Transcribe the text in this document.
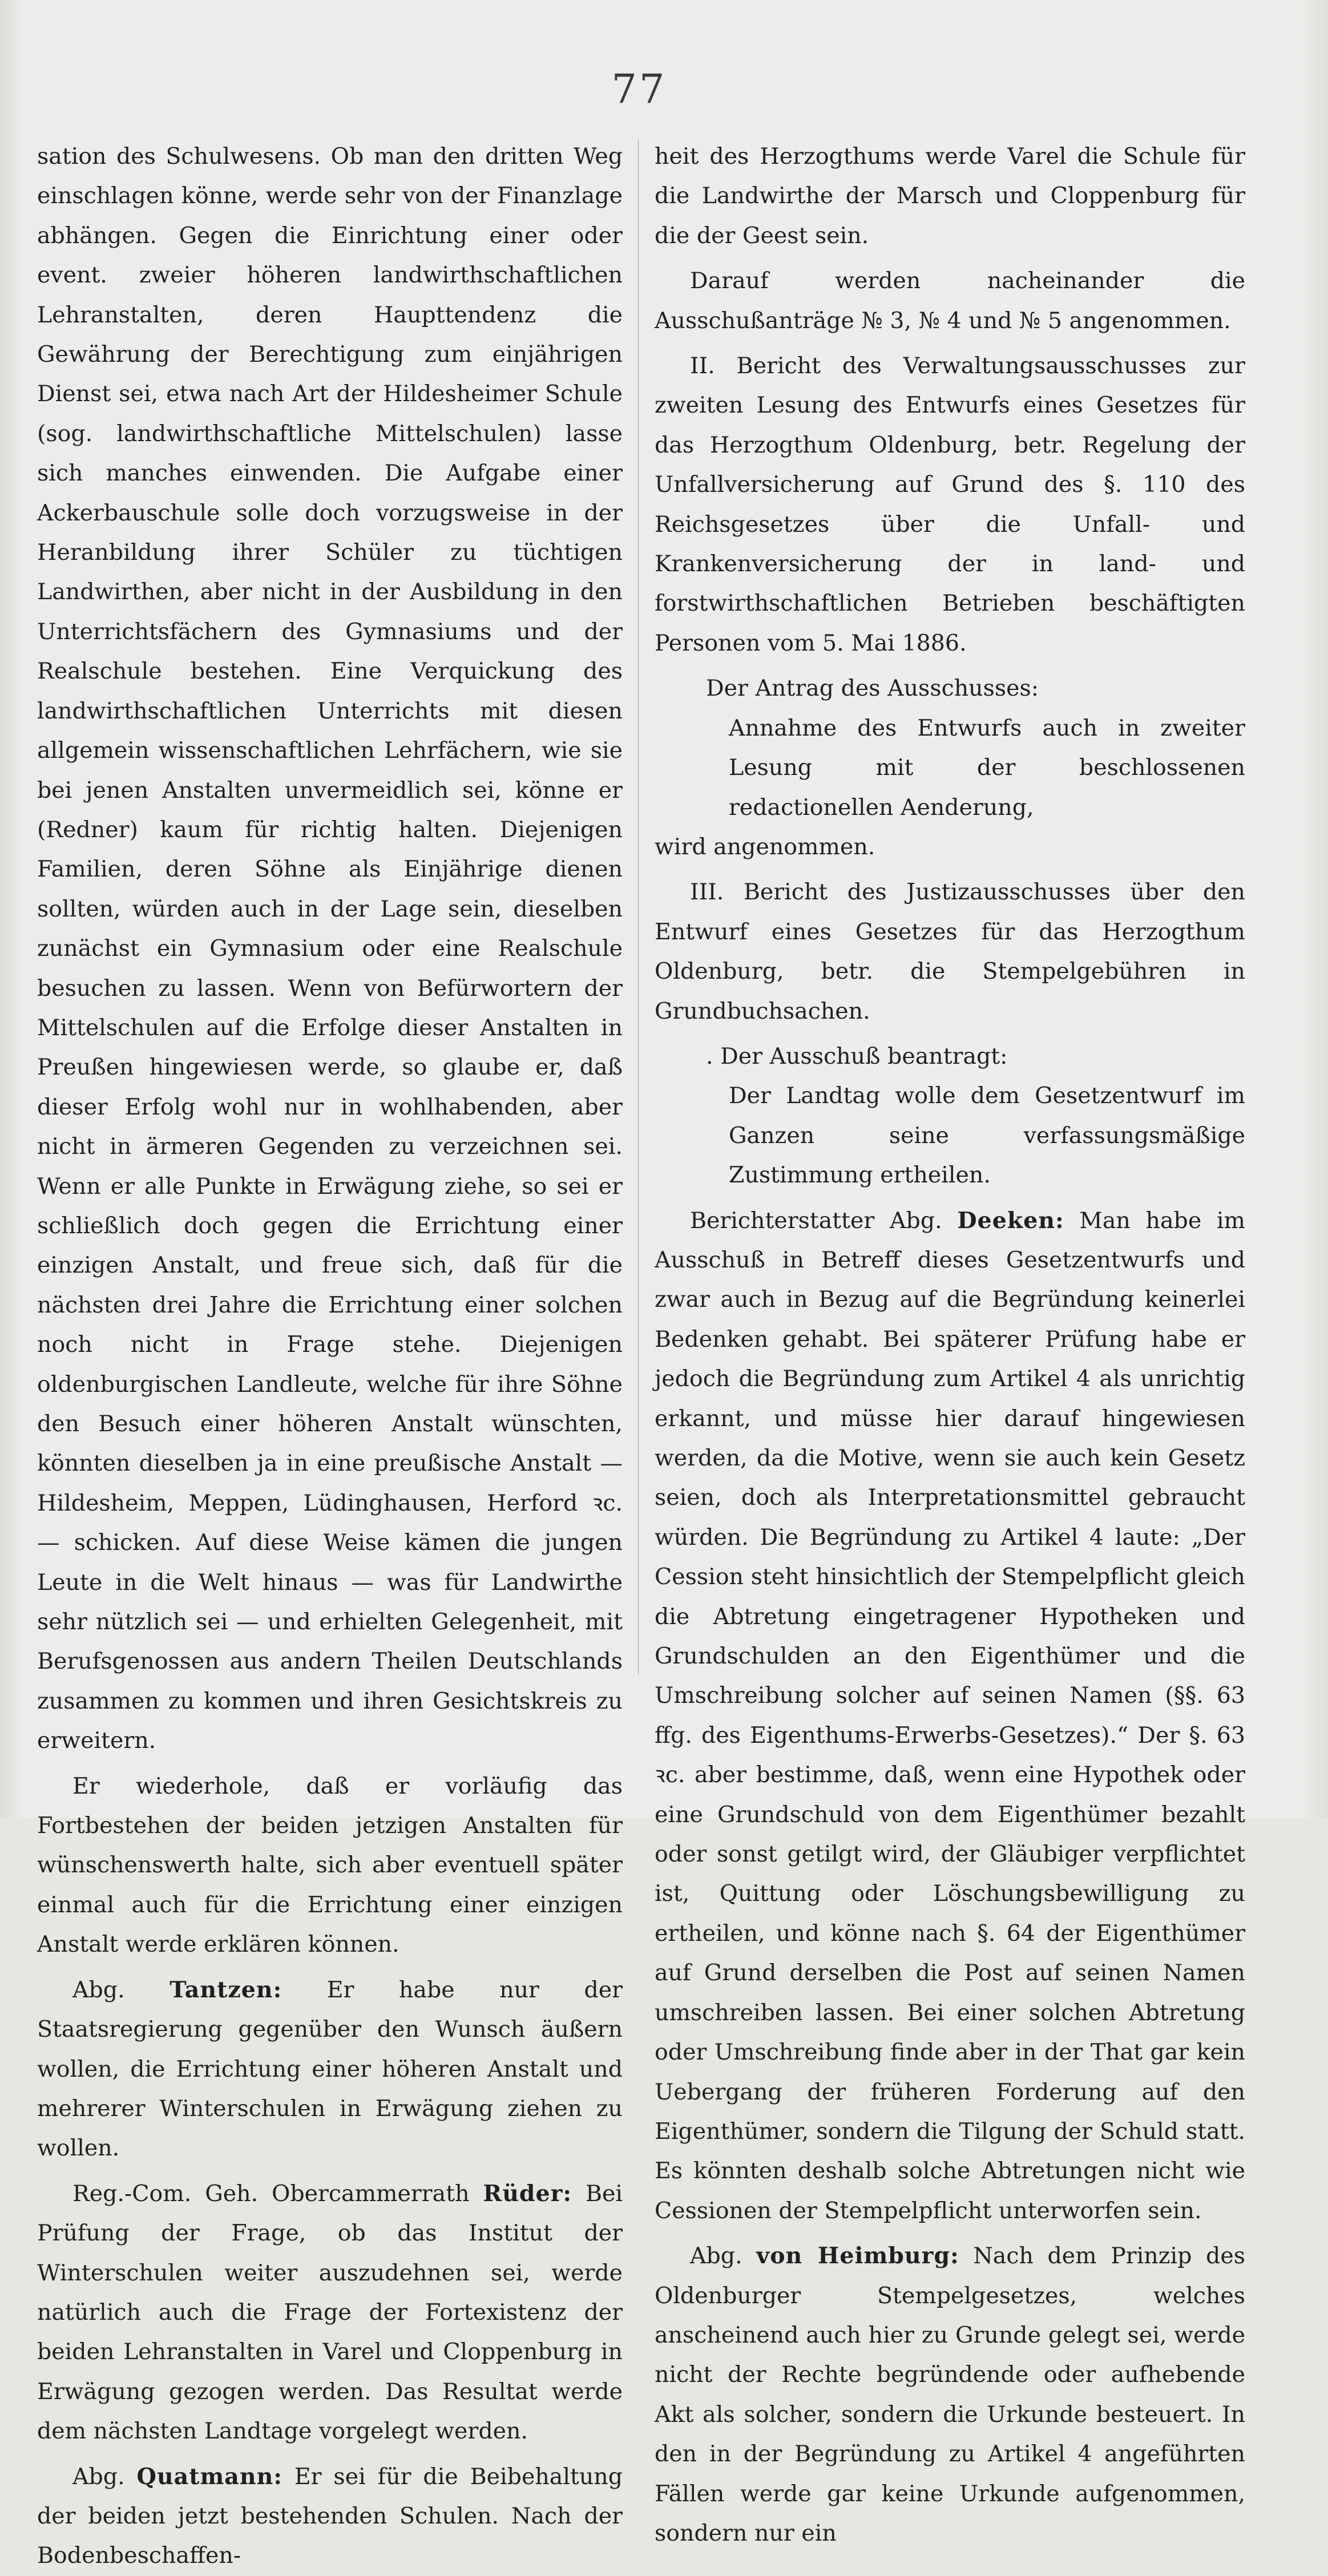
77

sation des Schulwesens. Ob man den dritten Weg einschlagen könne, werde sehr von der Finanzlage abhängen. Gegen die Einrichtung einer oder event. zweier höheren landwirthschaftlichen Lehranstalten, deren Haupttendenz die Gewährung der Berechtigung zum einjährigen Dienst sei, etwa nach Art der Hildesheimer Schule (sog. landwirthschaftliche Mittelschulen) lasse sich manches einwenden. Die Aufgabe einer Ackerbauschule solle doch vorzugsweise in der Heranbildung ihrer Schüler zu tüchtigen Landwirthen, aber nicht in der Ausbildung in den Unterrichtsfächern des Gymnasiums und der Realschule bestehen. Eine Verquickung des landwirthschaftlichen Unterrichts mit diesen allgemein wissenschaftlichen Lehrfächern, wie sie bei jenen Anstalten unvermeidlich sei, könne er (Redner) kaum für richtig halten. Diejenigen Familien, deren Söhne als Einjährige dienen sollten, würden auch in der Lage sein, dieselben zunächst ein Gymnasium oder eine Realschule besuchen zu lassen. Wenn von Befürwortern der Mittelschulen auf die Erfolge dieser Anstalten in Preußen hingewiesen werde, so glaube er, daß dieser Erfolg wohl nur in wohlhabenden, aber nicht in ärmeren Gegenden zu verzeichnen sei. Wenn er alle Punkte in Erwägung ziehe, so sei er schließlich doch gegen die Errichtung einer einzigen Anstalt, und freue sich, daß für die nächsten drei Jahre die Errichtung einer solchen noch nicht in Frage stehe. Diejenigen oldenburgischen Landleute, welche für ihre Söhne den Besuch einer höheren Anstalt wünschten, könnten dieselben ja in eine preußische Anstalt — Hildesheim, Meppen, Lüdinghausen, Herford ꝛc. — schicken. Auf diese Weise kämen die jungen Leute in die Welt hinaus — was für Landwirthe sehr nützlich sei — und erhielten Gelegenheit, mit Berufsgenossen aus andern Theilen Deutschlands zusammen zu kommen und ihren Gesichtskreis zu erweitern.

Er wiederhole, daß er vorläufig das Fortbestehen der beiden jetzigen Anstalten für wünschenswerth halte, sich aber eventuell später einmal auch für die Errichtung einer einzigen Anstalt werde erklären können.

Abg. Tantzen: Er habe nur der Staatsregierung gegenüber den Wunsch äußern wollen, die Errichtung einer höheren Anstalt und mehrerer Winterschulen in Erwägung ziehen zu wollen.

Reg.-Com. Geh. Obercammerrath Rüder: Bei Prüfung der Frage, ob das Institut der Winterschulen weiter auszudehnen sei, werde natürlich auch die Frage der Fortexistenz der beiden Lehranstalten in Varel und Cloppenburg in Erwägung gezogen werden. Das Resultat werde dem nächsten Landtage vorgelegt werden.

Abg. Quatmann: Er sei für die Beibehaltung der beiden jetzt bestehenden Schulen. Nach der Bodenbeschaffen-

heit des Herzogthums werde Varel die Schule für die Landwirthe der Marsch und Cloppenburg für die der Geest sein.

Darauf werden nacheinander die Ausschußanträge № 3, № 4 und № 5 angenommen.

II. Bericht des Verwaltungsausschusses zur zweiten Lesung des Entwurfs eines Gesetzes für das Herzogthum Oldenburg, betr. Regelung der Unfallversicherung auf Grund des §. 110 des Reichsgesetzes über die Unfall- und Krankenversicherung der in land- und forstwirthschaftlichen Betrieben beschäftigten Personen vom 5. Mai 1886.

Der Antrag des Ausschusses:

Annahme des Entwurfs auch in zweiter Lesung mit der beschlossenen redactionellen Aenderung,

wird angenommen.

III. Bericht des Justizausschusses über den Entwurf eines Gesetzes für das Herzogthum Oldenburg, betr. die Stempelgebühren in Grundbuchsachen.

. Der Ausschuß beantragt:

Der Landtag wolle dem Gesetzentwurf im Ganzen seine verfassungsmäßige Zustimmung ertheilen.

Berichterstatter Abg. Deeken: Man habe im Ausschuß in Betreff dieses Gesetzentwurfs und zwar auch in Bezug auf die Begründung keinerlei Bedenken gehabt. Bei späterer Prüfung habe er jedoch die Begründung zum Artikel 4 als unrichtig erkannt, und müsse hier darauf hingewiesen werden, da die Motive, wenn sie auch kein Gesetz seien, doch als Interpretationsmittel gebraucht würden. Die Begründung zu Artikel 4 laute: „Der Cession steht hinsichtlich der Stempelpflicht gleich die Abtretung eingetragener Hypotheken und Grundschulden an den Eigenthümer und die Umschreibung solcher auf seinen Namen (§§. 63 ffg. des Eigenthums-Erwerbs-Gesetzes).“ Der §. 63 ꝛc. aber bestimme, daß, wenn eine Hypothek oder eine Grundschuld von dem Eigenthümer bezahlt oder sonst getilgt wird, der Gläubiger verpflichtet ist, Quittung oder Löschungsbewilligung zu ertheilen, und könne nach §. 64 der Eigenthümer auf Grund derselben die Post auf seinen Namen umschreiben lassen. Bei einer solchen Abtretung oder Umschreibung finde aber in der That gar kein Uebergang der früheren Forderung auf den Eigenthümer, sondern die Tilgung der Schuld statt. Es könnten deshalb solche Abtretungen nicht wie Cessionen der Stempelpflicht unterworfen sein.

Abg. von Heimburg: Nach dem Prinzip des Oldenburger Stempelgesetzes, welches anscheinend auch hier zu Grunde gelegt sei, werde nicht der Rechte begründende oder aufhebende Akt als solcher, sondern die Urkunde besteuert. In den in der Begründung zu Artikel 4 angeführten Fällen werde gar keine Urkunde aufgenommen, sondern nur ein
